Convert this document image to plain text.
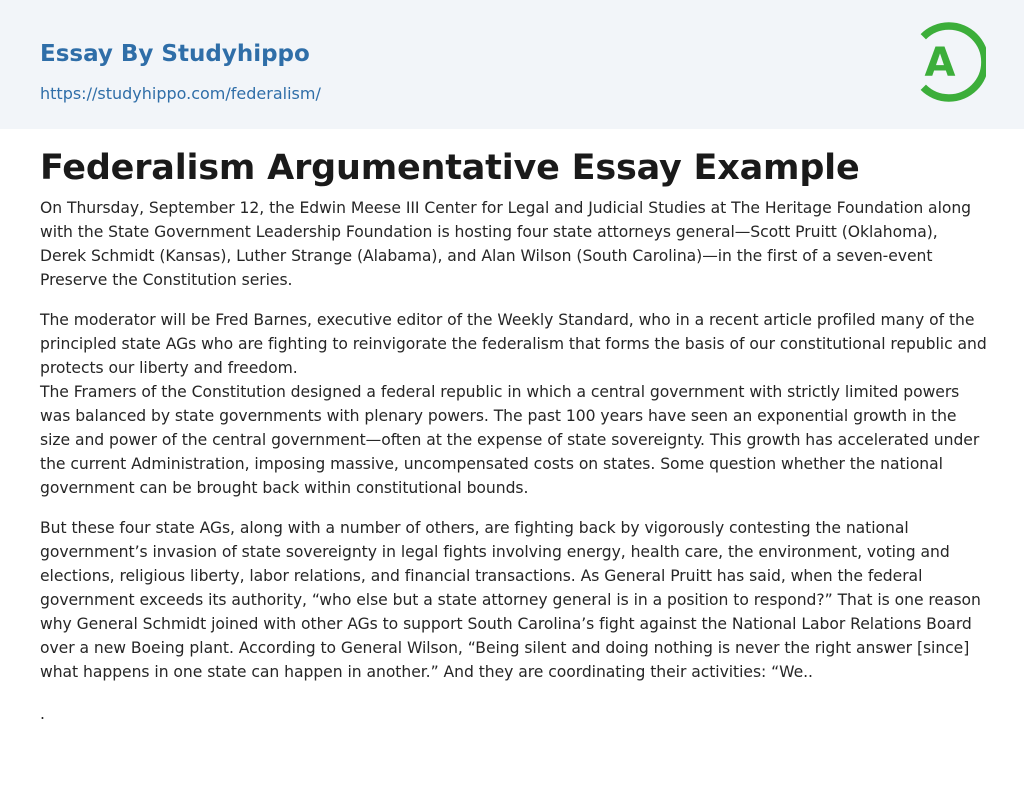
Essay By Studyhippo
https://studyhippo.com/federalism/
A
Federalism Argumentative Essay Example

On Thursday, September 12, the Edwin Meese III Center for Legal and Judicial Studies at The Heritage Foundation along with the State Government Leadership Foundation is hosting four state attorneys general—Scott Pruitt (Oklahoma), Derek Schmidt (Kansas), Luther Strange (Alabama), and Alan Wilson (South Carolina)—in the first of a seven-event Preserve the Constitution series.

The moderator will be Fred Barnes, executive editor of the Weekly Standard, who in a recent article profiled many of the principled state AGs who are fighting to reinvigorate the federalism that forms the basis of our constitutional republic and protects our liberty and freedom.

The Framers of the Constitution designed a federal republic in which a central government with strictly limited powers was balanced by state governments with plenary powers. The past 100 years have seen an exponential growth in the size and power of the central government—often at the expense of state sovereignty. This growth has accelerated under the current Administration, imposing massive, uncompensated costs on states. Some question whether the national government can be brought back within constitutional bounds.

But these four state AGs, along with a number of others, are fighting back by vigorously contesting the national government’s invasion of state sovereignty in legal fights involving energy, health care, the environment, voting and elections, religious liberty, labor relations, and financial transactions. As General Pruitt has said, when the federal government exceeds its authority, “who else but a state attorney general is in a position to respond?” That is one reason why General Schmidt joined with other AGs to support South Carolina’s fight against the National Labor Relations Board over a new Boeing plant. According to General Wilson, “Being silent and doing nothing is never the right answer [since] what happens in one state can happen in another.” And they are coordinating their activities: “We..

.
